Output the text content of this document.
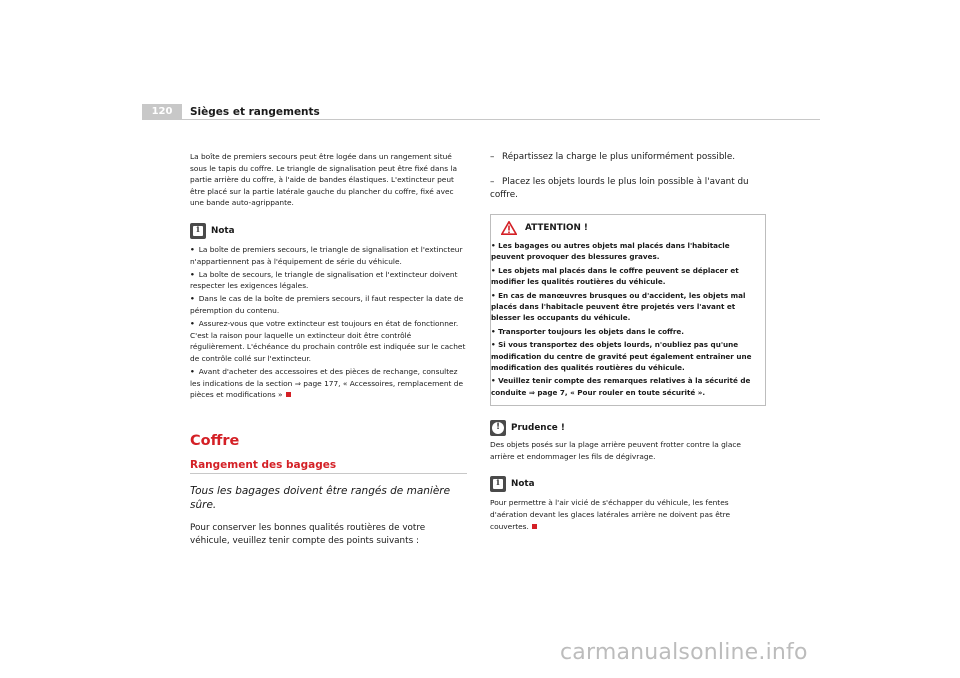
120	Sièges et rangements

La boîte de premiers secours peut être logée dans un rangement situé sous le tapis du coffre. Le triangle de signalisation peut être fixé dans la partie arrière du coffre, à l'aide de bandes élastiques. L'extincteur peut être placé sur la partie latérale gauche du plancher du coffre, fixé avec une bande auto-agrippante.

i
Nota

• La boîte de premiers secours, le triangle de signalisation et l'extincteur n'appartiennent pas à l'équipement de série du véhicule.

• La boîte de secours, le triangle de signalisation et l'extincteur doivent respecter les exigences légales.

• Dans le cas de la boîte de premiers secours, il faut respecter la date de péremption du contenu.

• Assurez-vous que votre extincteur est toujours en état de fonctionner. C'est la raison pour laquelle un extincteur doit être contrôlé régulièrement. L'échéance du prochain contrôle est indiquée sur le cachet de contrôle collé sur l'extincteur.

• Avant d'acheter des accessoires et des pièces de rechange, consultez les indications de la section ⇒ page 177, « Accessoires, remplacement de pièces et modifications »

Coffre
Rangement des bagages

Tous les bagages doivent être rangés de manière sûre.

Pour conserver les bonnes qualités routières de votre véhicule, veuillez tenir compte des points suivants :

– Répartissez la charge le plus uniformément possible.

– Placez les objets lourds le plus loin possible à l'avant du coffre.

ATTENTION !

• Les bagages ou autres objets mal placés dans l'habitacle peuvent provoquer des blessures graves.

• Les objets mal placés dans le coffre peuvent se déplacer et modifier les qualités routières du véhicule.

• En cas de manœuvres brusques ou d'accident, les objets mal placés dans l'habitacle peuvent être projetés vers l'avant et blesser les occupants du véhicule.

• Transporter toujours les objets dans le coffre.

• Si vous transportez des objets lourds, n'oubliez pas qu'une modification du centre de gravité peut également entraîner une modification des qualités routières du véhicule.

• Veuillez tenir compte des remarques relatives à la sécurité de conduite ⇒ page 7, « Pour rouler en toute sécurité ».

!
Prudence !

Des objets posés sur la plage arrière peuvent frotter contre la glace arrière et endommager les fils de dégivrage.

i
Nota

Pour permettre à l'air vicié de s'échapper du véhicule, les fentes d'aération devant les glaces latérales arrière ne doivent pas être couvertes.

carmanualsonline.info
